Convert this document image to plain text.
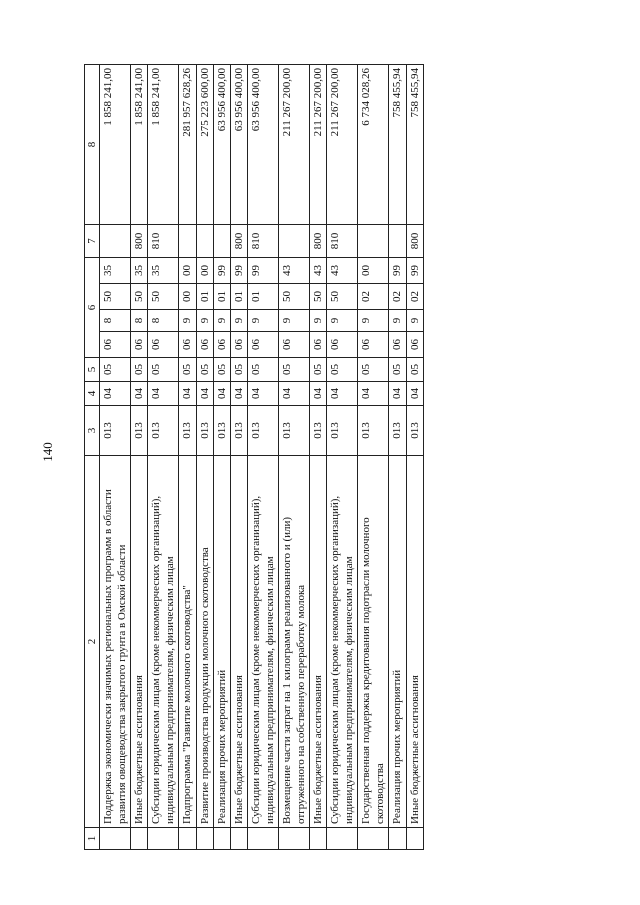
140
1	2	3	4	5	6				7	8
	Поддержка экономически значимых региональных программ в области развития овощеводства закрытого грунта в Омской области	013	04	05	06	8	50	35		1 858 241,00
	Иные бюджетные ассигнования	013	04	05	06	8	50	35	800	1 858 241,00
	Субсидии юридическим лицам (кроме некоммерческих организаций), индивидуальным предпринимателям, физическим лицам	013	04	05	06	8	50	35	810	1 858 241,00
	Подпрограмма "Развитие молочного скотоводства"	013	04	05	06	9	00	00		281 957 628,26
	Развитие производства продукции молочного скотоводства	013	04	05	06	9	01	00		275 223 600,00
	Реализация прочих мероприятий	013	04	05	06	9	01	99		63 956 400,00
	Иные бюджетные ассигнования	013	04	05	06	9	01	99	800	63 956 400,00
	Субсидии юридическим лицам (кроме некоммерческих организаций), индивидуальным предпринимателям, физическим лицам	013	04	05	06	9	01	99	810	63 956 400,00
	Возмещение части затрат на 1 килограмм реализованного и (или) отгруженного на собственную переработку молока	013	04	05	06	9	50	43		211 267 200,00
	Иные бюджетные ассигнования	013	04	05	06	9	50	43	800	211 267 200,00
	Субсидии юридическим лицам (кроме некоммерческих организаций), индивидуальным предпринимателям, физическим лицам	013	04	05	06	9	50	43	810	211 267 200,00
	Государственная поддержка кредитования подотрасли молочного скотоводства	013	04	05	06	9	02	00		6 734 028,26
	Реализация прочих мероприятий	013	04	05	06	9	02	99		758 455,94
	Иные бюджетные ассигнования	013	04	05	06	9	02	99	800	758 455,94
